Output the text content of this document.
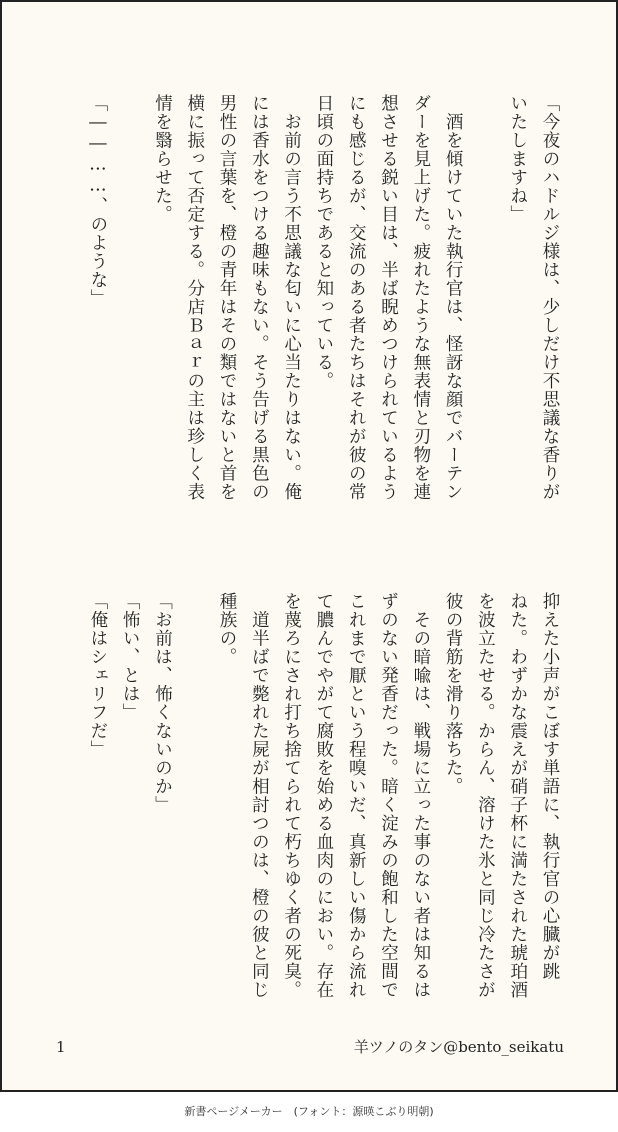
「今夜のハドルジ様は、少しだけ不思議な香りが
いたしますね」

　酒を傾けていた執行官は、怪訝な顔でバーテン
ダーを見上げた。疲れたような無表情と刃物を連
想させる鋭い目は、半ば睨めつけられているよう
にも感じるが、交流のある者たちはそれが彼の常
日頃の面持ちであると知っている。
　お前の言う不思議な匂いに心当たりはない。俺
には香水をつける趣味もない。そう告げる黒色の
男性の言葉を、橙の青年はその類ではないと首を
横に振って否定する。分店Ｂａｒの主は珍しく表
情を翳らせた。

「――……、のような」
抑えた小声がこぼす単語に、執行官の心臓が跳
ねた。わずかな震えが硝子杯に満たされた琥珀酒
を波立たせる。からん、溶けた氷と同じ冷たさが
彼の背筋を滑り落ちた。
　その暗喩は、戦場に立った事のない者は知るは
ずのない発香だった。暗く淀みの飽和した空間で
これまで厭という程嗅いだ、真新しい傷から流れ
て膿んでやがて腐敗を始める血肉のにおい。存在
を蔑ろにされ打ち捨てられて朽ちゆく者の死臭。
　道半ばで斃れた屍が相討つのは、橙の彼と同じ
種族の。

「お前は、怖くないのか」
「怖い、とは」
「俺はシェリフだ」
羊ツノのタン@bento_seikatu
1
新書ページメーカー　(フォント：源暎こぶり明朝)
